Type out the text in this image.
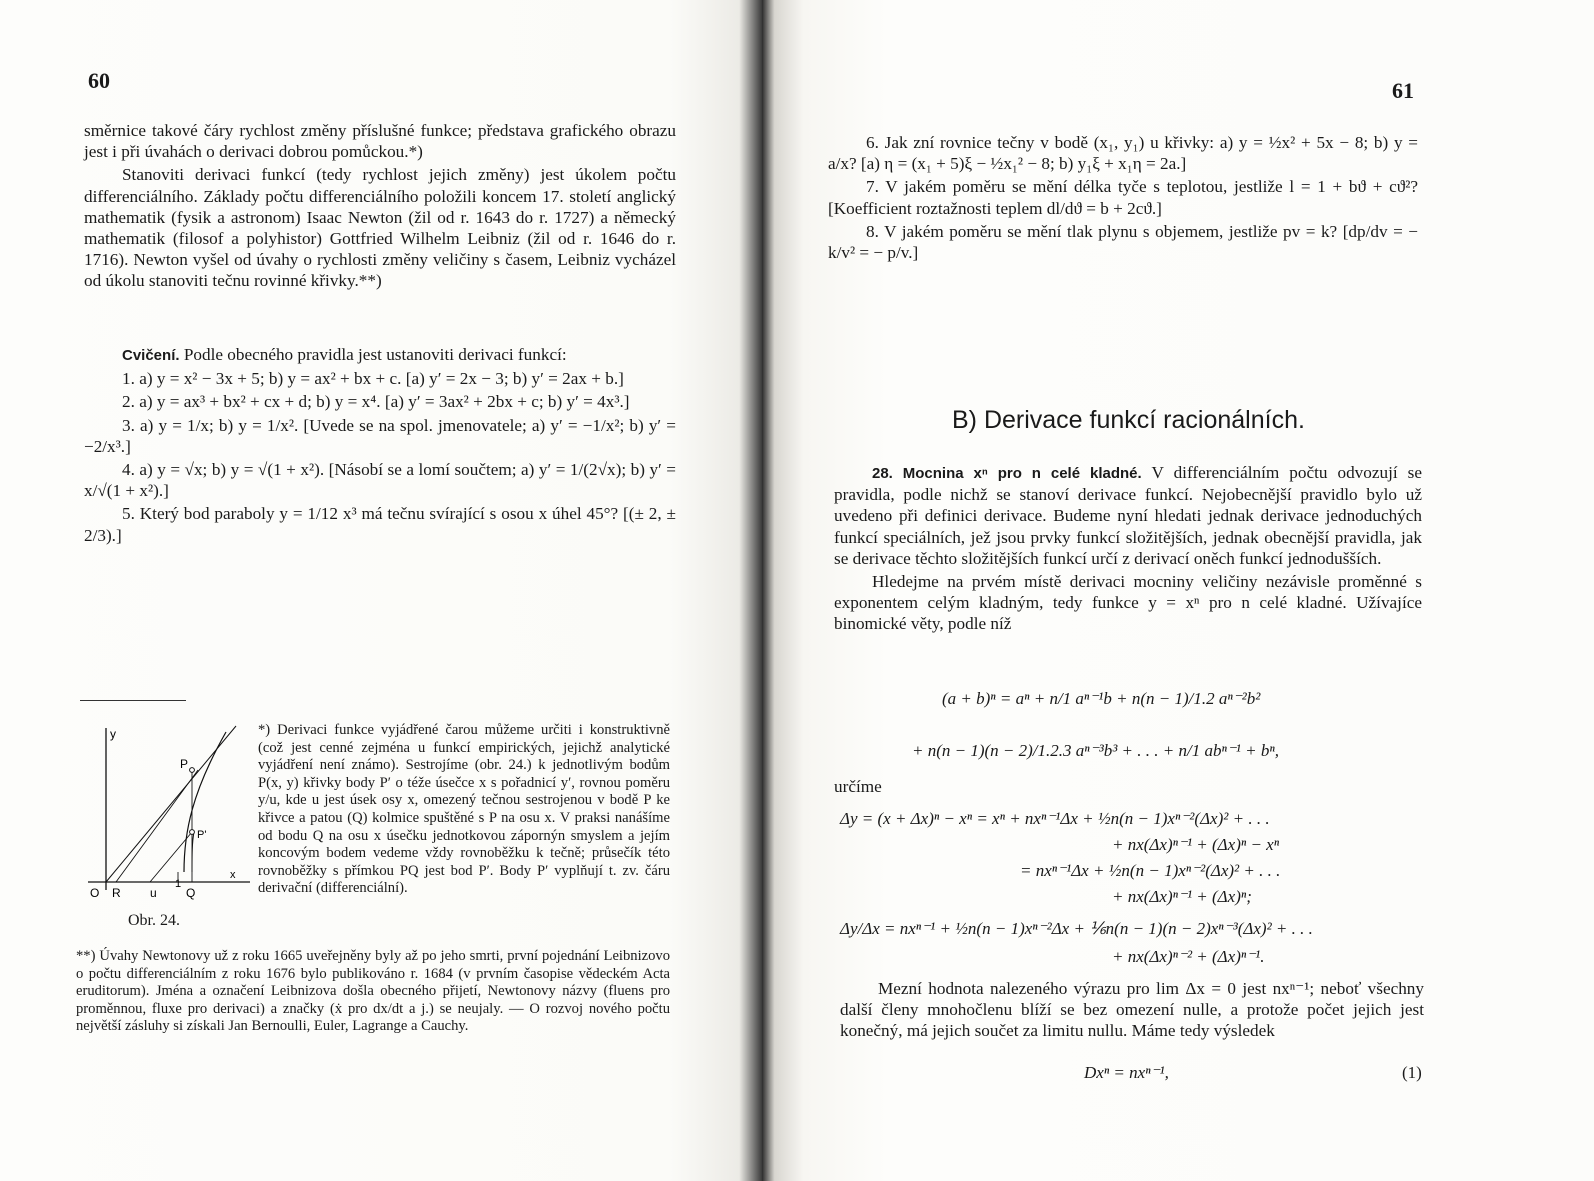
60

směrnice takové čáry rychlost změny příslušné funkce; představa grafického obrazu jest i při úvahách o derivaci dobrou pomůckou.*)

Stanoviti derivaci funkcí (tedy rychlost jejich změny) jest úkolem počtu differenciálního. Základy počtu differenciálního položili koncem 17. století anglický mathematik (fysik a astronom) Isaac Newton (žil od r. 1643 do r. 1727) a německý mathematik (filosof a polyhistor) Gottfried Wilhelm Leibniz (žil od r. 1646 do r. 1716). Newton vyšel od úvahy o rychlosti změny veličiny s časem, Leibniz vycházel od úkolu stanoviti tečnu rovinné křivky.**)

Cvičení. Podle obecného pravidla jest ustanoviti derivaci funkcí:

1. a) y = x² − 3x + 5; b) y = ax² + bx + c. [a) y′ = 2x − 3; b) y′ = 2ax + b.]

2. a) y = ax³ + bx² + cx + d; b) y = x⁴. [a) y′ = 3ax² + 2bx + c; b) y′ = 4x³.]

3. a) y = 1/x; b) y = 1/x². [Uvede se na spol. jmenovatele; a) y′ = −1/x²; b) y′ = −2/x³.]

4. a) y = √x; b) y = √(1 + x²). [Násobí se a lomí součtem; a) y′ = 1/(2√x); b) y′ = x/√(1 + x²).]

5. Který bod paraboly y = 1/12 x³ má tečnu svírající s osou x úhel 45°? [(± 2, ± 2/3).]

y
P
P'
O R u
1
Q
x
Obr. 24.
*) Derivaci funkce vyjádřené čarou můžeme určiti i konstruktivně (což jest cenné zejména u funkcí empirických, jejichž analytické vyjádření není známo). Sestrojíme (obr. 24.) k jednotlivým bodům P(x, y) křivky body P′ o téže úsečce x s pořadnicí y′, rovnou poměru y/u, kde u jest úsek osy x, omezený tečnou sestrojenou v bodě P ke křivce a patou (Q) kolmice spuštěné s P na osu x. V praksi nanášíme od bodu Q na osu x úsečku jednotkovou zápornýn smyslem a jejím koncovým bodem vedeme vždy rovnoběžku k tečně; průsečík této rovnoběžky s přímkou PQ jest bod P′. Body P′ vyplňují t. zv. čáru derivační (differenciální).
**) Úvahy Newtonovy už z roku 1665 uveřejněny byly až po jeho smrti, první pojednání Leibnizovo o počtu differenciálním z roku 1676 bylo publikováno r. 1684 (v prvním časopise vědeckém Acta eruditorum). Jména a označení Leibnizova došla obecného přijetí, Newtonovy názvy (fluens pro proměnnou, fluxe pro derivaci) a značky (ẋ pro dx/dt a j.) se neujaly. — O rozvoj nového počtu největší zásluhy si získali Jan Bernoulli, Euler, Lagrange a Cauchy.
61

6. Jak zní rovnice tečny v bodě (x₁, y₁) u křivky: a) y = ½x² + 5x − 8; b) y = a/x? [a) η = (x₁ + 5)ξ − ½x₁² − 8; b) y₁ξ + x₁η = 2a.]

7. V jakém poměru se mění délka tyče s teplotou, jestliže l = 1 + bϑ + cϑ²? [Koefficient roztažnosti teplem dl/dϑ = b + 2cϑ.]

8. V jakém poměru se mění tlak plynu s objemem, jestliže pv = k? [dp/dv = − k/v² = − p/v.]

B) Derivace funkcí racionálních.

28. Mocnina xⁿ pro n celé kladné. V differenciálním počtu odvozují se pravidla, podle nichž se stanoví derivace funkcí. Nejobecnější pravidlo bylo už uvedeno při definici derivace. Budeme nyní hledati jednak derivace jednoduchých funkcí speciálních, jež jsou prvky funkcí složitějších, jednak obecnější pravidla, jak se derivace těchto složitějších funkcí určí z derivací oněch funkcí jednodušších.

Hledejme na prvém místě derivaci mocniny veličiny nezávisle proměnné s exponentem celým kladným, tedy funkce y = xⁿ pro n celé kladné. Užívajíce binomické věty, podle níž

(a + b)ⁿ = aⁿ + n/1 aⁿ⁻¹b + n(n − 1)/1.2 aⁿ⁻²b²
+ n(n − 1)(n − 2)/1.2.3 aⁿ⁻³b³ + . . . + n/1 abⁿ⁻¹ + bⁿ,
určíme
Δy = (x + Δx)ⁿ − xⁿ = xⁿ + nxⁿ⁻¹Δx + ½n(n − 1)xⁿ⁻²(Δx)² + . . .
+ nx(Δx)ⁿ⁻¹ + (Δx)ⁿ − xⁿ
= nxⁿ⁻¹Δx + ½n(n − 1)xⁿ⁻²(Δx)² + . . .
+ nx(Δx)ⁿ⁻¹ + (Δx)ⁿ;
Δy/Δx = nxⁿ⁻¹ + ½n(n − 1)xⁿ⁻²Δx + ⅙n(n − 1)(n − 2)xⁿ⁻³(Δx)² + . . .
+ nx(Δx)ⁿ⁻² + (Δx)ⁿ⁻¹.

Mezní hodnota nalezeného výrazu pro lim Δx = 0 jest nxⁿ⁻¹; neboť všechny další členy mnohočlenu blíží se bez omezení nulle, a protože počet jejich jest konečný, má jejich součet za limitu nullu. Máme tedy výsledek

Dxⁿ = nxⁿ⁻¹,	(1)
